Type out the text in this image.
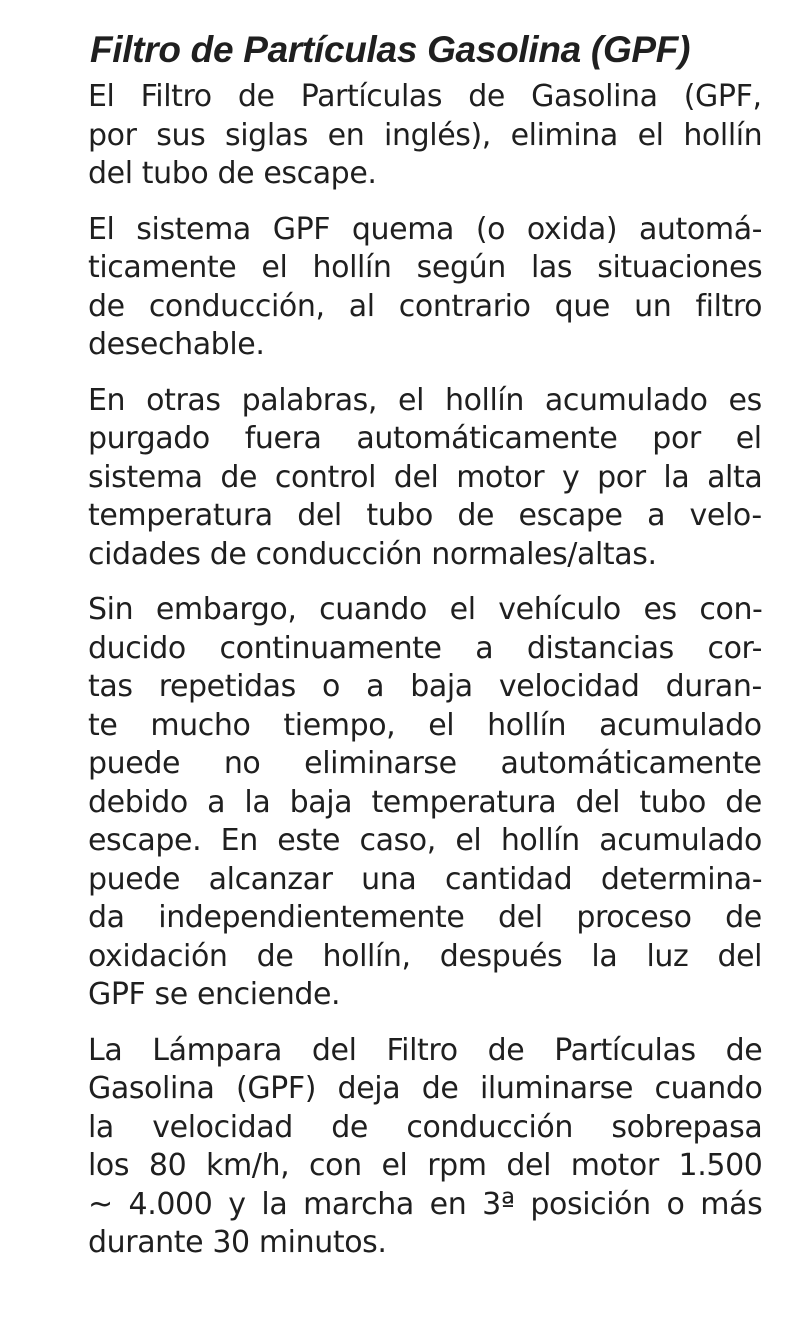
Filtro de Partículas Gasolina (GPF)

El Filtro de Partículas de Gasolina (GPF,
por sus siglas en inglés), elimina el hollín
del tubo de escape.

El sistema GPF quema (o oxida) automá-
ticamente el hollín según las situaciones
de conducción, al contrario que un filtro
desechable.

En otras palabras, el hollín acumulado es
purgado fuera automáticamente por el
sistema de control del motor y por la alta
temperatura del tubo de escape a velo-
cidades de conducción normales/altas.

Sin embargo, cuando el vehículo es con-
ducido continuamente a distancias cor-
tas repetidas o a baja velocidad duran-
te mucho tiempo, el hollín acumulado
puede no eliminarse automáticamente
debido a la baja temperatura del tubo de
escape. En este caso, el hollín acumulado
puede alcanzar una cantidad determina-
da independientemente del proceso de
oxidación de hollín, después la luz del
GPF se enciende.

La Lámpara del Filtro de Partículas de
Gasolina (GPF) deja de iluminarse cuando
la velocidad de conducción sobrepasa
los 80 km/h, con el rpm del motor 1.500
~ 4.000 y la marcha en 3ª posición o más
durante 30 minutos.
